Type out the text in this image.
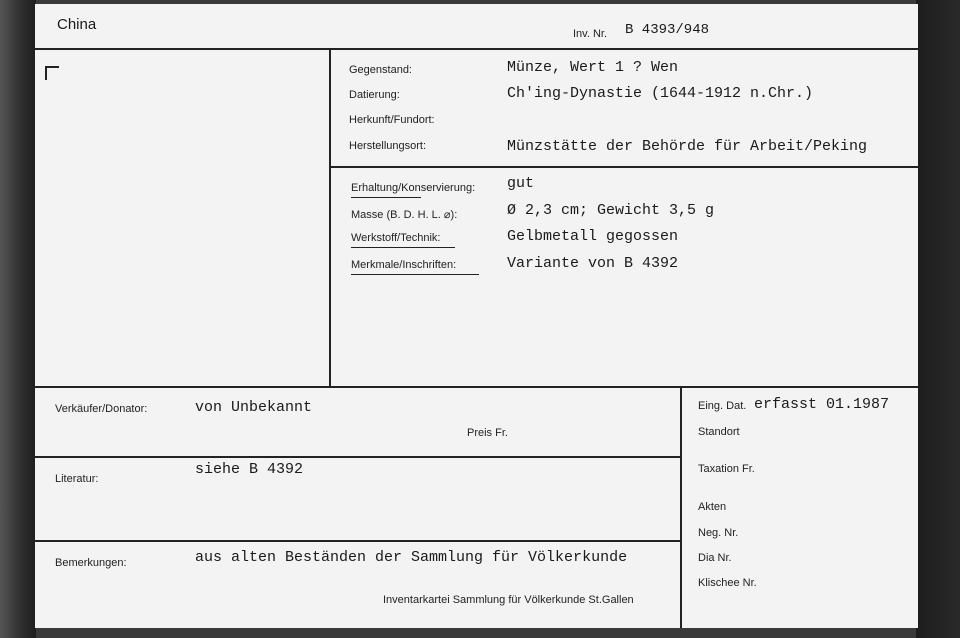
China
Inv. Nr. B 4393/948
Gegenstand:	Münze, Wert 1 ? Wen
Datierung:	Ch'ing-Dynastie (1644-1912 n.Chr.)
Herkunft/Fundort:
Herstellungsort:	Münzstätte der Behörde für Arbeit/Peking
Erhaltung/Konservierung: gut
Masse (B. D. H. L. ⌀):	Ø 2,3 cm; Gewicht 3,5 g
Werkstoff/Technik:	Gelbmetall gegossen
Merkmale/Inschriften:	Variante von B 4392
Verkäufer/Donator:	von Unbekannt
Preis Fr.
Literatur:
siehe B 4392
Bemerkungen:	aus alten Beständen der Sammlung für Völkerkunde
Inventarkartei Sammlung für Völkerkunde St.Gallen
Eing. Dat. erfasst 01.1987
Standort
Taxation Fr.
Akten
Neg. Nr.
Dia Nr.
Klischee Nr.
